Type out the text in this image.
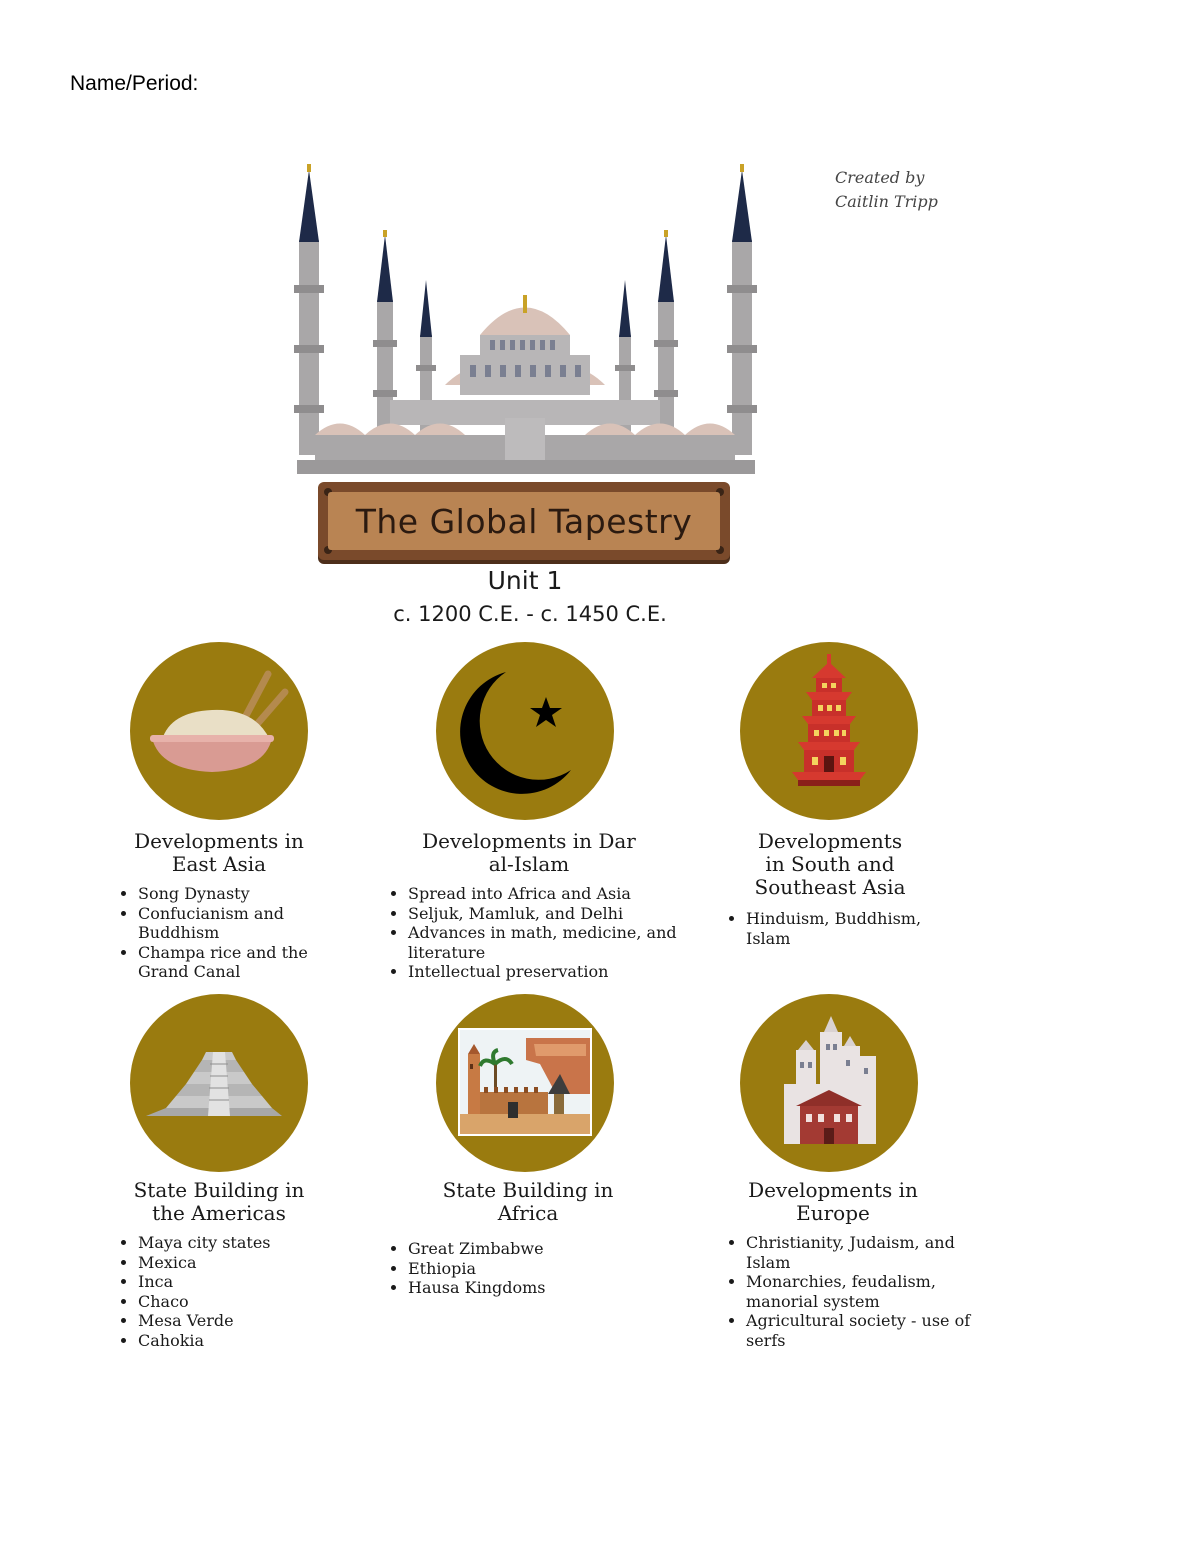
Name/Period:
Created by
Caitlin Tripp
The Global Tapestry
Unit 1
c. 1200 C.E. - c. 1450 C.E.
Developments in
East Asia
• Song Dynasty
• Confucianism and Buddhism
• Champa rice and the Grand Canal
Developments in Dar
al-Islam
• Spread into Africa and Asia
• Seljuk, Mamluk, and Delhi
• Advances in math, medicine, and literature
• Intellectual preservation
Developments
in South and
Southeast Asia
• Hinduism, Buddhism, Islam
State Building in
the Americas
• Maya city states
• Mexica
• Inca
• Chaco
• Mesa Verde
• Cahokia
State Building in
Africa
• Great Zimbabwe
• Ethiopia
• Hausa Kingdoms
Developments in
Europe
• Christianity, Judaism, and Islam
• Monarchies, feudalism, manorial system
• Agricultural society - use of serfs
